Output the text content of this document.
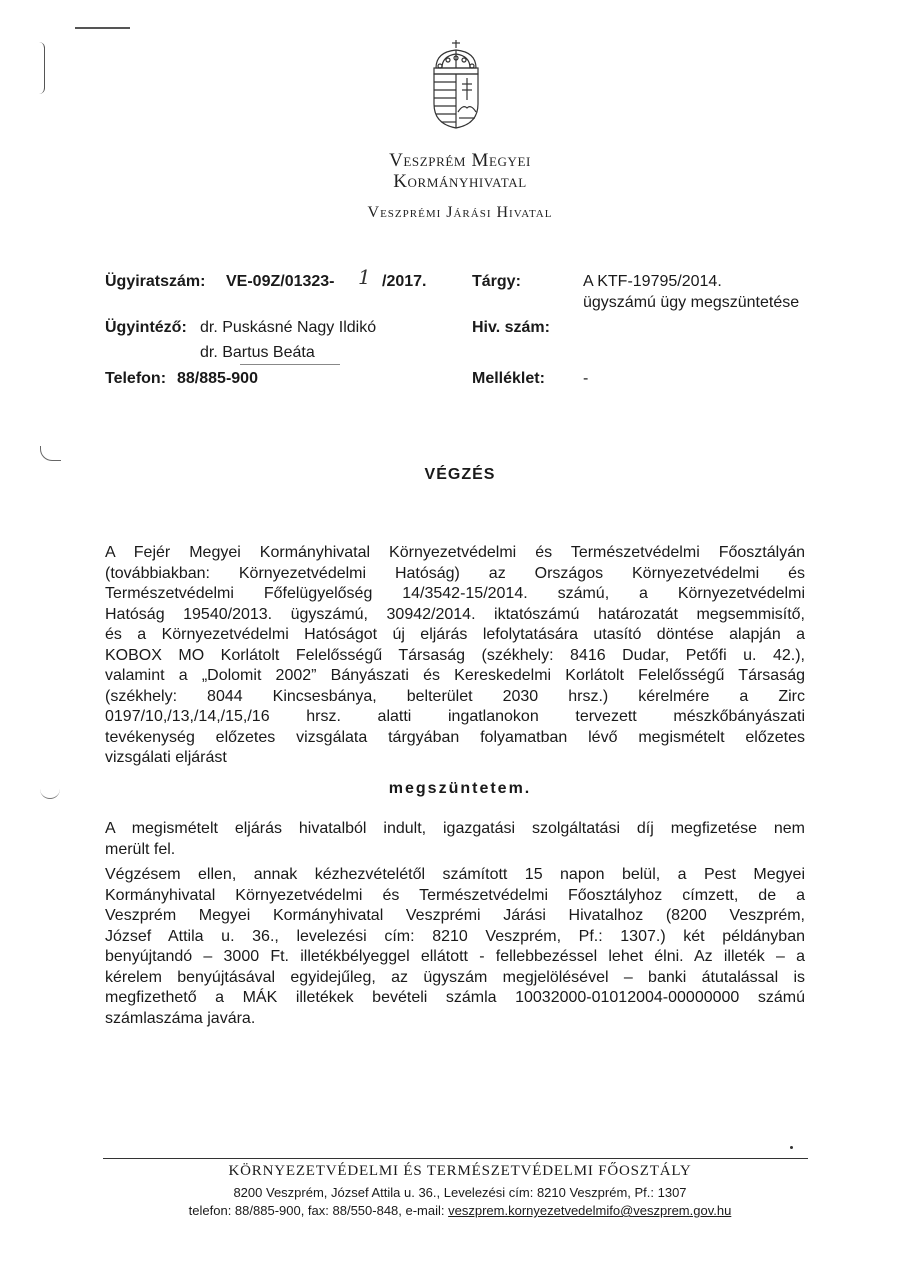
Veszprém Megyei
Kormányhivatal
Veszprémi Járási Hivatal
Ügyiratszám: VE-09Z/01323- 1 /2017.
Ügyintéző: dr. Puskásné Nagy Ildikó
dr. Bartus Beáta
Telefon: 88/885-900
Tárgy:	A KTF-19795/2014.
ügyszámú ügy megszüntetése
Hiv. szám:
Melléklet: -
VÉGZÉS
A Fejér Megyei Kormányhivatal Környezetvédelmi és Természetvédelmi Főosztályán
(továbbiakban: Környezetvédelmi Hatóság) az Országos Környezetvédelmi és
Természetvédelmi Főfelügyelőség 14/3542-15/2014. számú, a Környezetvédelmi
Hatóság 19540/2013. ügyszámú, 30942/2014. iktatószámú határozatát megsemmisítő,
és a Környezetvédelmi Hatóságot új eljárás lefolytatására utasító döntése alapján a
KOBOX MO Korlátolt Felelősségű Társaság (székhely: 8416 Dudar, Petőfi u. 42.),
valamint a „Dolomit 2002” Bányászati és Kereskedelmi Korlátolt Felelősségű Társaság
(székhely: 8044 Kincsesbánya, belterület 2030 hrsz.) kérelmére a Zirc
0197/10,/13,/14,/15,/16 hrsz. alatti ingatlanokon tervezett mészkőbányászati
tevékenység előzetes vizsgálata tárgyában folyamatban lévő megismételt előzetes
vizsgálati eljárást
megszüntetem.
A megismételt eljárás hivatalból indult, igazgatási szolgáltatási díj megfizetése nem
merült fel.
Végzésem ellen, annak kézhezvételétől számított 15 napon belül, a Pest Megyei
Kormányhivatal Környezetvédelmi és Természetvédelmi Főosztályhoz címzett, de a
Veszprém Megyei Kormányhivatal Veszprémi Járási Hivatalhoz (8200 Veszprém,
József Attila u. 36., levelezési cím: 8210 Veszprém, Pf.: 1307.) két példányban
benyújtandó – 3000 Ft. illetékbélyeggel ellátott - fellebbezéssel lehet élni. Az illeték – a
kérelem benyújtásával egyidejűleg, az ügyszám megjelölésével – banki átutalással is
megfizethető a MÁK illetékek bevételi számla 10032000-01012004-00000000 számú
számlaszáma javára.
KÖRNYEZETVÉDELMI ÉS TERMÉSZETVÉDELMI FŐOSZTÁLY
8200 Veszprém, József Attila u. 36., Levelezési cím: 8210 Veszprém, Pf.: 1307
telefon: 88/885-900, fax: 88/550-848, e-mail: veszprem.kornyezetvedelmifo@veszprem.gov.hu
